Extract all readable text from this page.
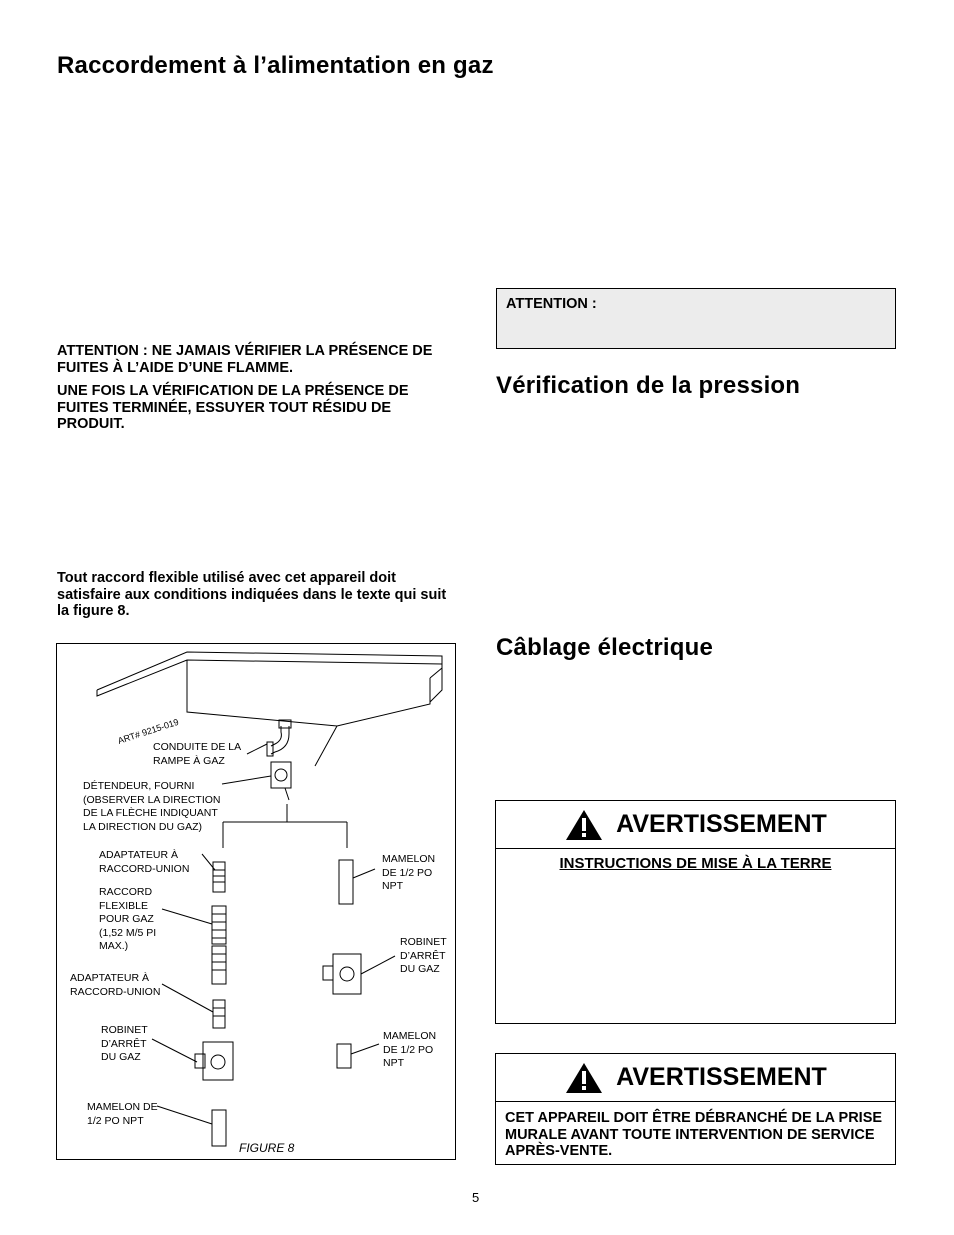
Raccordement à l’alimentation en gaz

ATTENTION : NE JAMAIS VÉRIFIER LA PRÉSENCE DE FUITES À L’AIDE D’UNE FLAMME.

UNE FOIS LA VÉRIFICATION DE LA PRÉSENCE DE FUITES TERMINÉE, ESSUYER TOUT RÉSIDU DE PRODUIT.

Tout raccord flexible utilisé avec cet appareil doit satisfaire aux conditions indiquées dans le texte qui suit la figure 8.

ART# 9215-019
CONDUITE DE LA
RAMPE À GAZ
DÉTENDEUR, FOURNI
(OBSERVER LA DIRECTION
DE LA FLÈCHE INDIQUANT
LA DIRECTION DU GAZ)
ADAPTATEUR À
RACCORD-UNION
RACCORD
FLEXIBLE
POUR GAZ
(1,52 M/5 PI
MAX.)
ADAPTATEUR À
RACCORD-UNION
ROBINET
D’ARRÊT
DU GAZ
MAMELON DE
1/2 PO NPT
MAMELON
DE 1/2 PO
NPT
ROBINET
D’ARRÊT
DU GAZ
MAMELON
DE 1/2 PO
NPT
FIGURE 8
ATTENTION :
Vérification de la pression
Câblage électrique
AVERTISSEMENT
INSTRUCTIONS DE MISE À LA TERRE
AVERTISSEMENT

CET APPAREIL DOIT ÊTRE DÉBRANCHÉ DE LA PRISE MURALE AVANT TOUTE INTERVENTION DE SERVICE APRÈS-VENTE.

5
